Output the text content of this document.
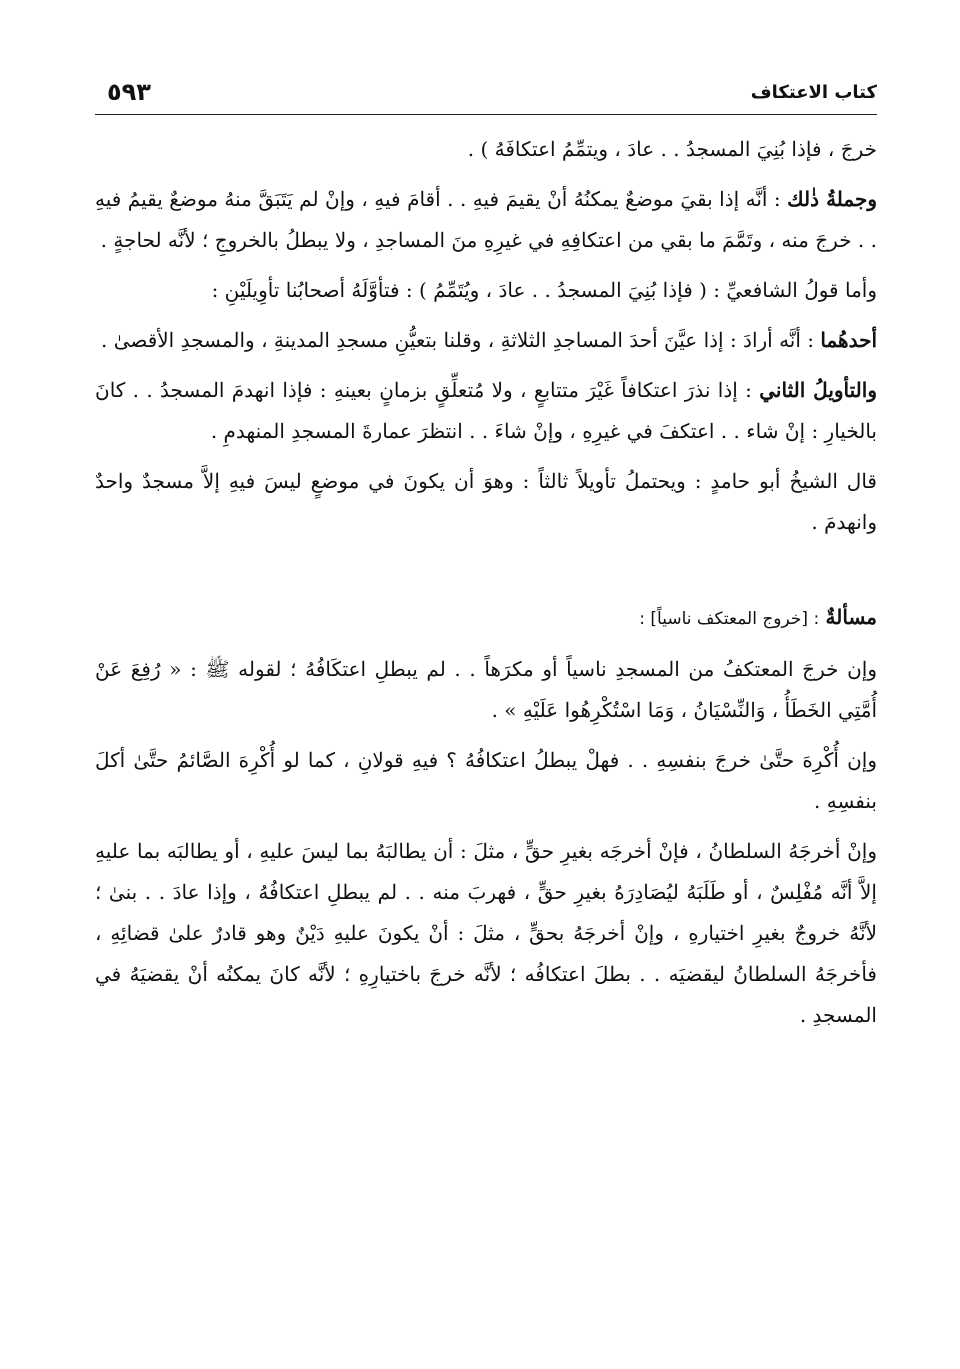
كتاب الاعتكاف
٥٩٣

خرجَ ، فإذا بُنِيَ المسجدُ . . عادَ ، ويتمِّمُ اعتكافَهُ ) .

وجملةُ ذٰلك : أنَّه إذا بقيَ موضعٌ يمكنُهُ أنْ يقيمَ فيهِ . . أقامَ فيهِ ، وإنْ لم يَتَبَقَّ منهُ موضعٌ يقيمُ فيهِ . . خرجَ منه ، وتَمَّمَ ما بقي من اعتكافِهِ في غيرِهِ منَ المساجدِ ، ولا يبطلُ بالخروجِ ؛ لأنَّه لحاجةٍ .

وأما قولُ الشافعيِّ : ( فإذا بُنِيَ المسجدُ . . عادَ ، ويُتَمِّمُ ) : فتأوَّلَهُ أصحابُنا تأوِيلَيْنِ :

أحدهُما : أنَّه أرادَ : إذا عيَّنَ أحدَ المساجدِ الثلاثةِ ، وقلنا بتعيُّنِ مسجدِ المدينةِ ، والمسجدِ الأقصىٰ .

والتأويلُ الثاني : إذا نذرَ اعتكافاً غَيْرَ متتابعٍ ، ولا مُتعلِّقٍ بزمانٍ بعينهِ : فإذا انهدمَ المسجدُ . . كانَ بالخيارِ : إنْ شاء . . اعتكفَ في غيرِهِ ، وإنْ شاءَ . . انتظرَ عمارةَ المسجدِ المنهدمِ .

قال الشيخُ أبو حامدٍ : ويحتملُ تأويلاً ثالثاً : وهوَ أن يكونَ في موضعٍ ليسَ فيهِ إلاَّ مسجدٌ واحدٌ وانهدمَ .

مسألةٌ : [خروج المعتكف ناسياً] :

وإن خرجَ المعتكفُ من المسجدِ ناسياً أو مكرَهاً . . لم يبطلِ اعتكَافُهُ ؛ لقوله ﷺ : « رُفِعَ عَنْ أُمَّتِي الخَطَأُ ، وَالنِّسْيَانُ ، وَمَا اسْتُكْرِهُوا عَلَيْهِ » .

وإن أُكْرِهَ حتَّىٰ خرجَ بنفسِهِ . . فهلْ يبطلُ اعتكافُهُ ؟ فيهِ قولانِ ، كما لو أُكْرِهَ الصَّائمُ حتَّىٰ أكلَ بنفسِهِ .

وإنْ أخرجَهُ السلطانُ ، فإنْ أخرجَه بغيرِ حقٍّ ، مثلَ : أن يطالبَهُ بما ليسَ عليهِ ، أو يطالبَه بما عليهِ إلاَّ أنَّه مُفْلِسٌ ، أو طَلَبَهُ ليُصَادِرَهُ بغيرِ حقٍّ ، فهربَ منه . . لم يبطلِ اعتكافُهُ ، وإذا عادَ . . بنىٰ ؛ لأنَّهُ خروجٌ بغيرِ اختيارهِ ، وإنْ أخرجَهُ بحقٍّ ، مثلَ : أنْ يكونَ عليهِ دَيْنٌ وهو قادرٌ علىٰ قضائِهِ ، فأخرجَهُ السلطانُ ليقضيَه . . بطلَ اعتكافُه ؛ لأنَّه خرجَ باختيارِهِ ؛ لأنَّه كانَ يمكنُه أنْ يقضيَهُ في المسجدِ .
